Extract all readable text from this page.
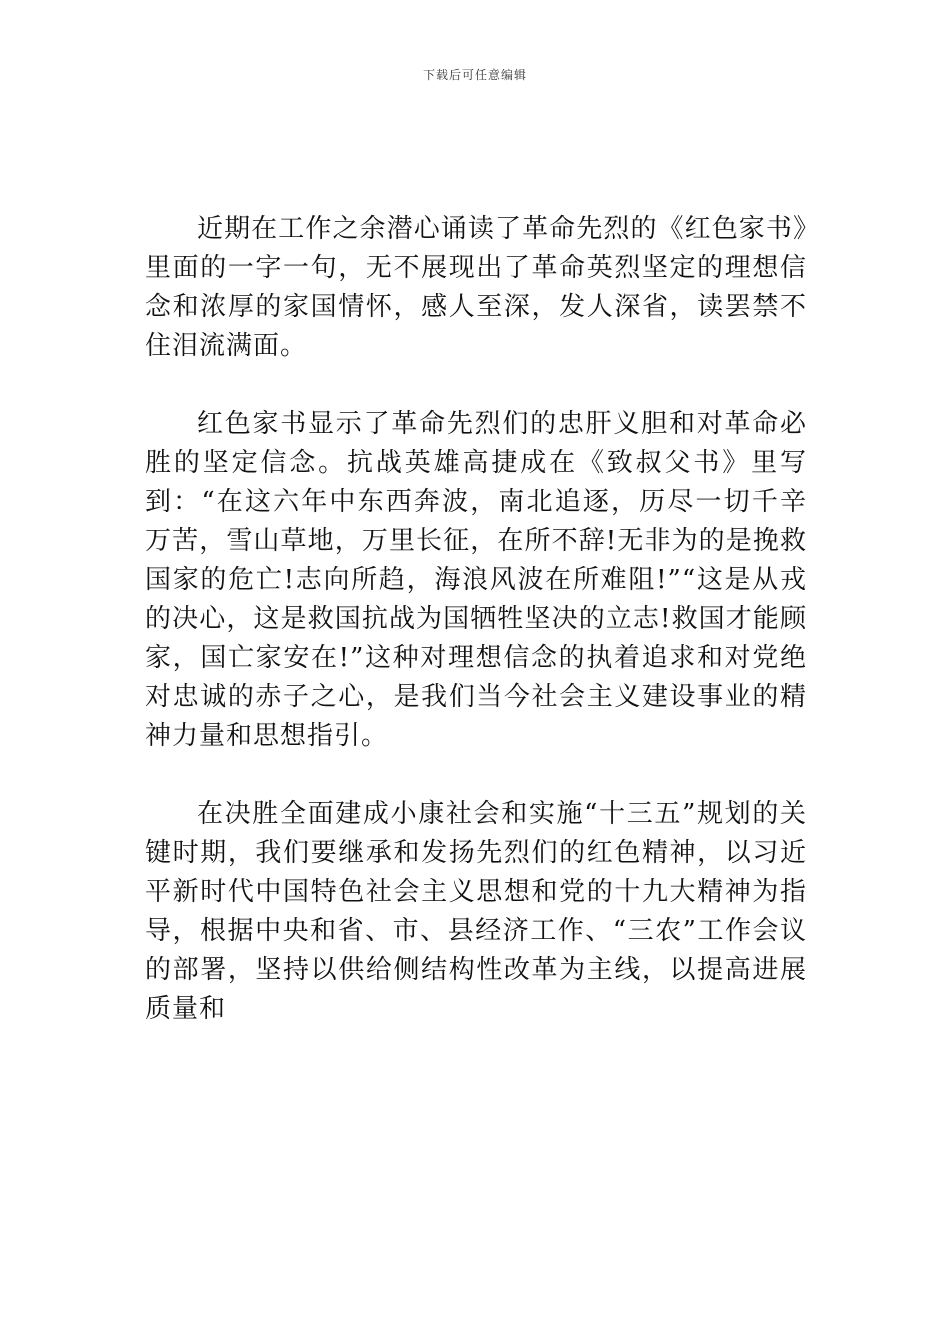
下载后可任意编辑

近期在工作之余潜心诵读了革命先烈的《红色家书》里面的一字一句，无不展现出了革命英烈坚定的理想信念和浓厚的家国情怀，感人至深，发人深省，读罢禁不住泪流满面。

红色家书显示了革命先烈们的忠肝义胆和对革命必胜的坚定信念。抗战英雄高捷成在《致叔父书》里写到：“在这六年中东西奔波，南北追逐，历尽一切千辛万苦，雪山草地，万里长征，在所不辞!无非为的是挽救国家的危亡!志向所趋，海浪风波在所难阻!”“这是从戎的决心，这是救国抗战为国牺牲坚决的立志!救国才能顾家，国亡家安在!”这种对理想信念的执着追求和对党绝对忠诚的赤子之心，是我们当今社会主义建设事业的精神力量和思想指引。

在决胜全面建成小康社会和实施“十三五”规划的关键时期，我们要继承和发扬先烈们的红色精神，以习近平新时代中国特色社会主义思想和党的十九大精神为指导，根据中央和省、市、县经济工作、“三农”工作会议的部署，坚持以供给侧结构性改革为主线，以提高进展质量和
